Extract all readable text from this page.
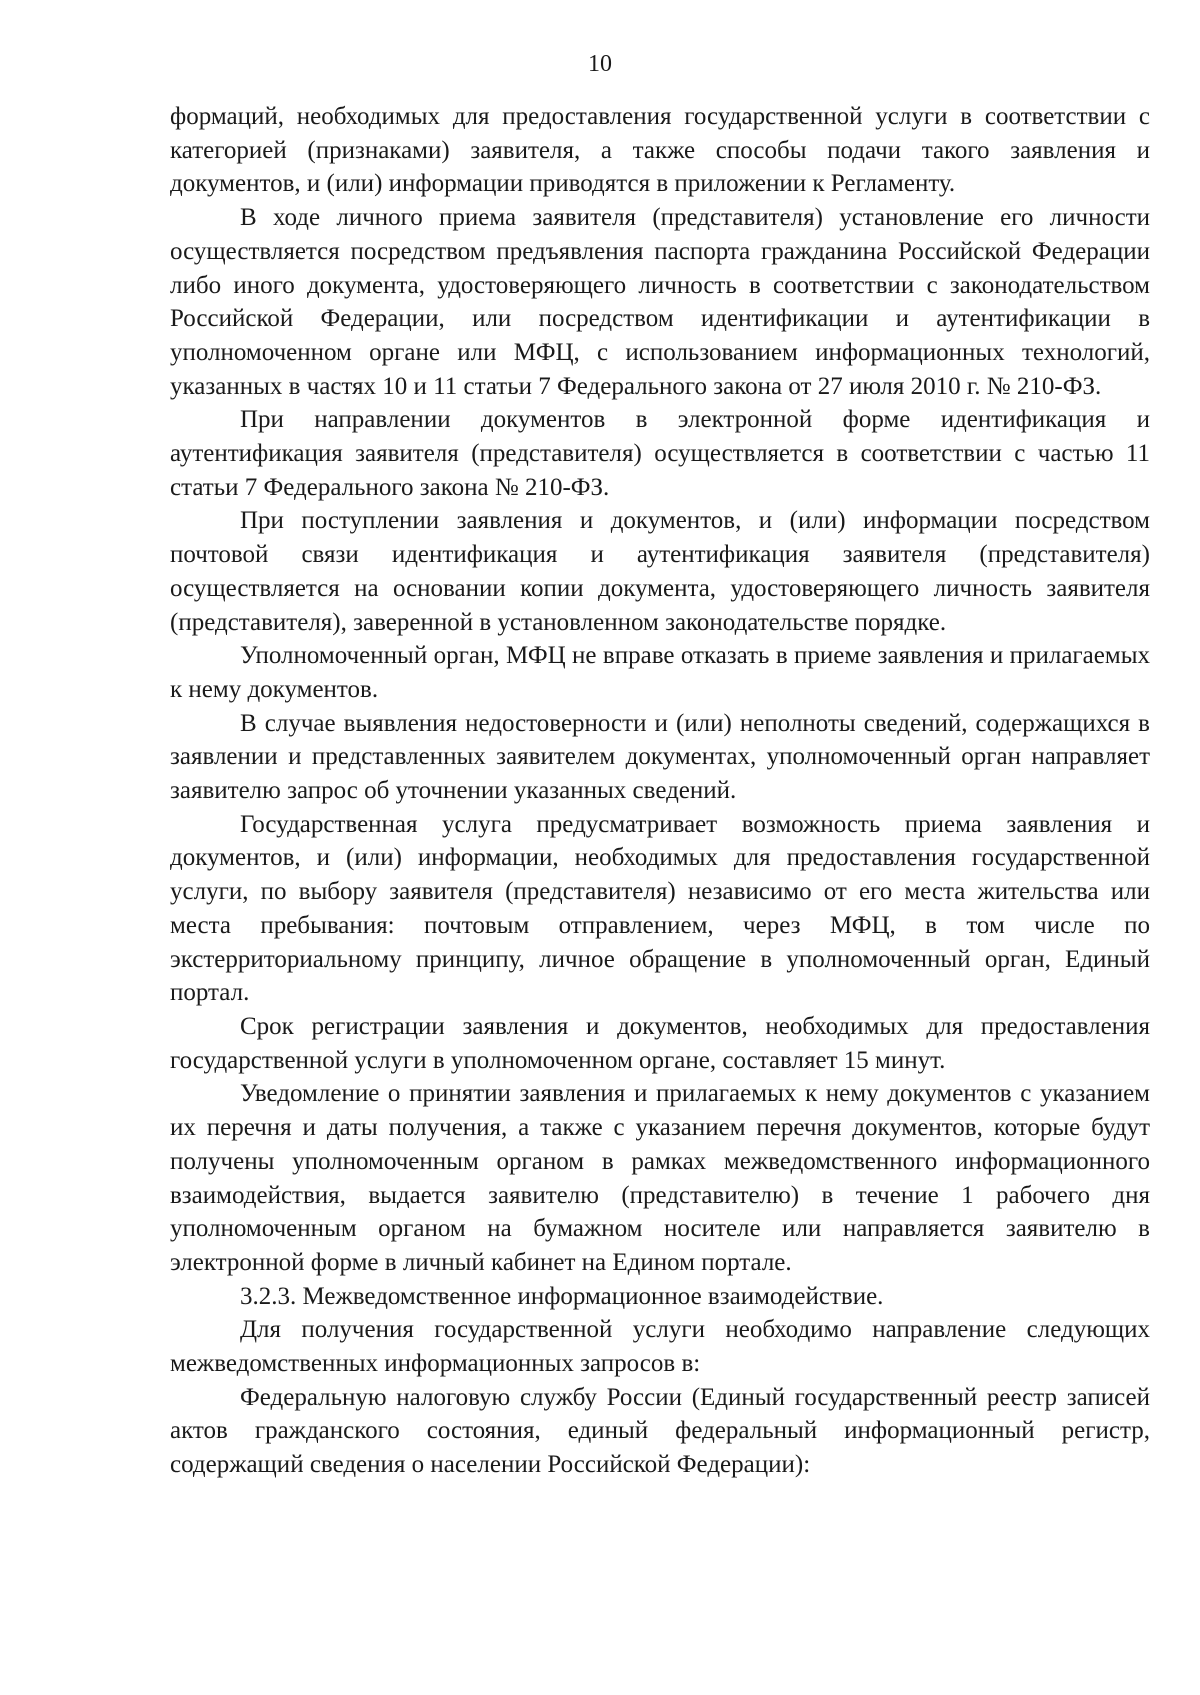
10

формаций, необходимых для предоставления государственной услуги в соответствии с категорией (признаками) заявителя, а также способы подачи такого заявления и документов, и (или) информации приводятся в приложении к Регламенту.

В ходе личного приема заявителя (представителя) установление его личности осуществляется посредством предъявления паспорта гражданина Российской Федерации либо иного документа, удостоверяющего личность в соответствии с законодательством Российской Федерации, или посредством идентификации и аутентификации в уполномоченном органе или МФЦ, с использованием информационных технологий, указанных в частях 10 и 11 статьи 7 Федерального закона от 27 июля 2010 г. № 210-ФЗ.

При направлении документов в электронной форме идентификация и аутентификация заявителя (представителя) осуществляется в соответствии с частью 11 статьи 7 Федерального закона № 210-ФЗ.

При поступлении заявления и документов, и (или) информации посредством почтовой связи идентификация и аутентификация заявителя (представителя) осуществляется на основании копии документа, удостоверяющего личность заявителя (представителя), заверенной в установленном законодательстве порядке.

Уполномоченный орган, МФЦ не вправе отказать в приеме заявления и прилагаемых к нему документов.

В случае выявления недостоверности и (или) неполноты сведений, содержащихся в заявлении и представленных заявителем документах, уполномоченный орган направляет заявителю запрос об уточнении указанных сведений.

Государственная услуга предусматривает возможность приема заявления и документов, и (или) информации, необходимых для предоставления государственной услуги, по выбору заявителя (представителя) независимо от его места жительства или места пребывания: почтовым отправлением, через МФЦ, в том числе по экстерриториальному принципу, личное обращение в уполномоченный орган, Единый портал.

Срок регистрации заявления и документов, необходимых для предоставления государственной услуги в уполномоченном органе, составляет 15 минут.

Уведомление о принятии заявления и прилагаемых к нему документов с указанием их перечня и даты получения, а также с указанием перечня документов, которые будут получены уполномоченным органом в рамках межведомственного информационного взаимодействия, выдается заявителю (представителю) в течение 1 рабочего дня уполномоченным органом на бумажном носителе или направляется заявителю в электронной форме в личный кабинет на Едином портале.

3.2.3. Межведомственное информационное взаимодействие.

Для получения государственной услуги необходимо направление следующих межведомственных информационных запросов в:

Федеральную налоговую службу России (Единый государственный реестр записей актов гражданского состояния, единый федеральный информационный регистр, содержащий сведения о населении Российской Федерации):
